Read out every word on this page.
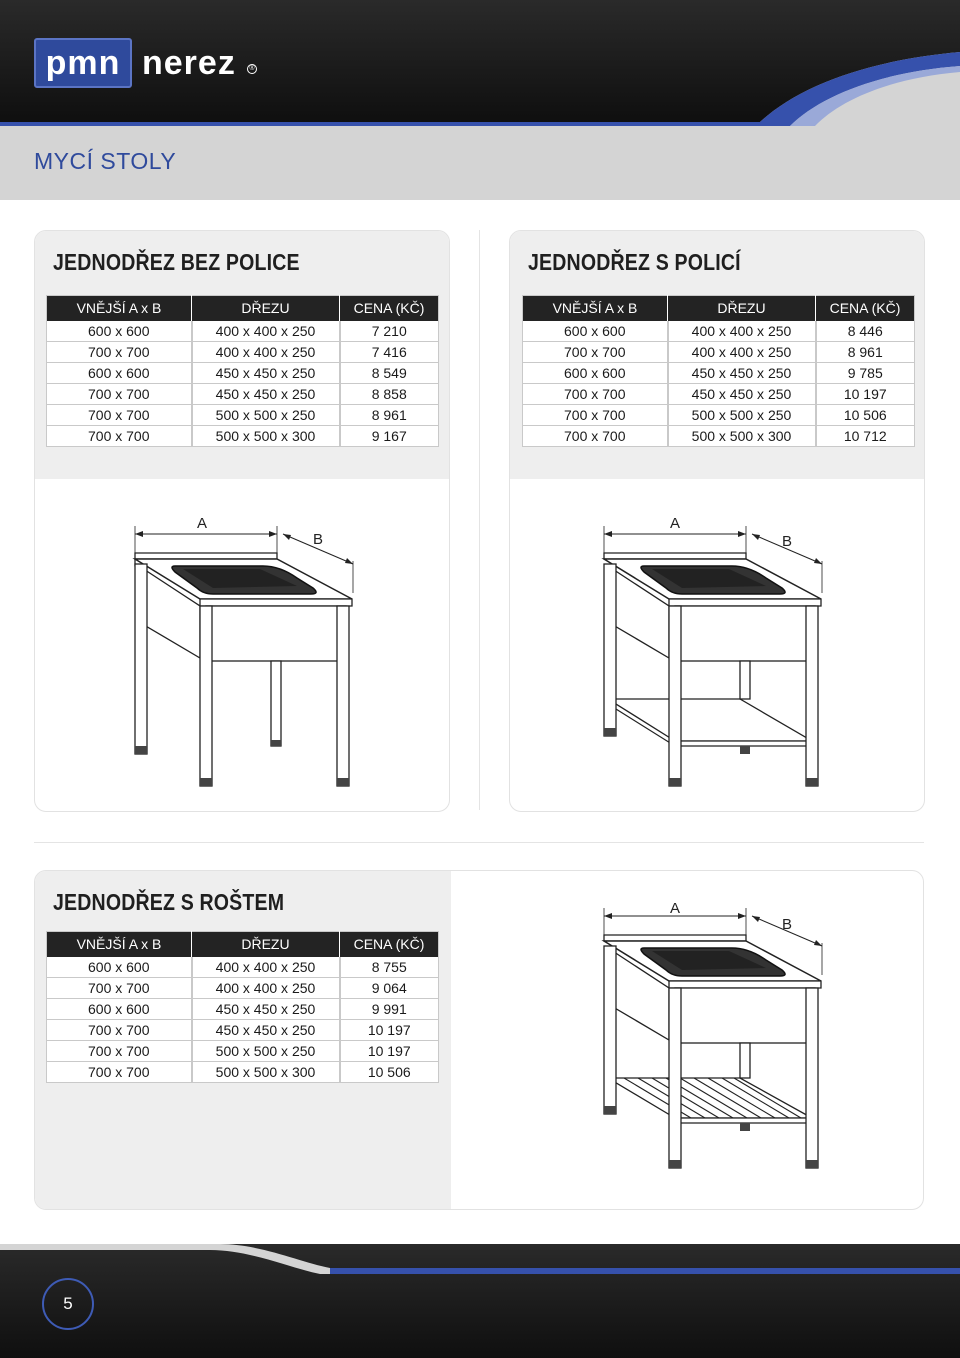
pmn nerez	®
MYCÍ STOLY
JEDNODŘEZ BEZ POLICE
VNĚJŠÍ A x B	DŘEZU	CENA (KČ)
600 x 600	400 x 400 x 250	7 210
700 x 700	400 x 400 x 250	7 416
600 x 600	450 x 450 x 250	8 549
700 x 700	450 x 450 x 250	8 858
700 x 700	500 x 500 x 250	8 961
700 x 700	500 x 500 x 300	9 167
A
B
JEDNODŘEZ S POLICÍ
VNĚJŠÍ A x B	DŘEZU	CENA (KČ)
600 x 600	400 x 400 x 250	8 446
700 x 700	400 x 400 x 250	8 961
600 x 600	450 x 450 x 250	9 785
700 x 700	450 x 450 x 250	10 197
700 x 700	500 x 500 x 250	10 506
700 x 700	500 x 500 x 300	10 712
A
B
JEDNODŘEZ S ROŠTEM
VNĚJŠÍ A x B	DŘEZU	CENA (KČ)
600 x 600	400 x 400 x 250	8 755
700 x 700	400 x 400 x 250	9 064
600 x 600	450 x 450 x 250	9 991
700 x 700	450 x 450 x 250	10 197
700 x 700	500 x 500 x 250	10 197
700 x 700	500 x 500 x 300	10 506
A
B
5
